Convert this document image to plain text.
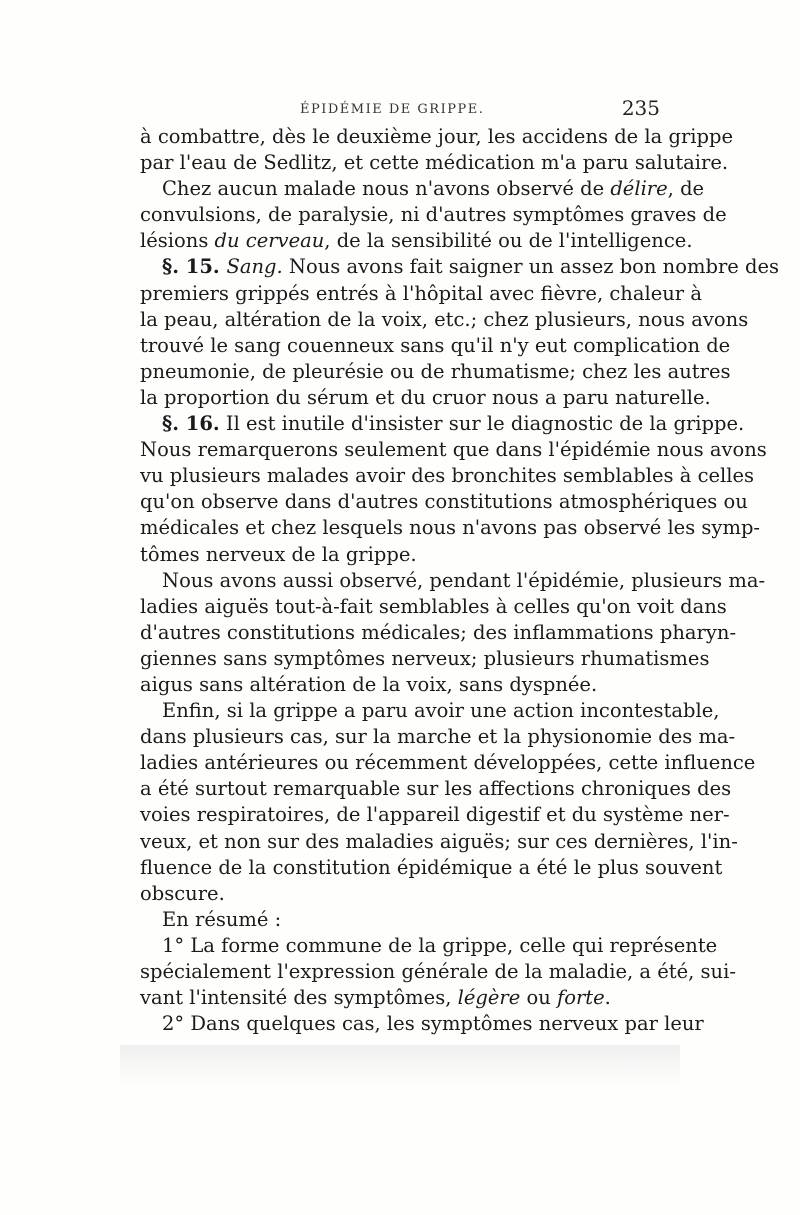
ÉPIDÉMIE DE GRIPPE.	235
à combattre, dès le deuxième jour, les accidens de la grippe
par l'eau de Sedlitz, et cette médication m'a paru salutaire.
Chez aucun malade nous n'avons observé de délire, de
convulsions, de paralysie, ni d'autres symptômes graves de
lésions du cerveau, de la sensibilité ou de l'intelligence.
§. 15. Sang. Nous avons fait saigner un assez bon nombre des
premiers grippés entrés à l'hôpital avec fièvre, chaleur à
la peau, altération de la voix, etc.; chez plusieurs, nous avons
trouvé le sang couenneux sans qu'il n'y eut complication de
pneumonie, de pleurésie ou de rhumatisme; chez les autres
la proportion du sérum et du cruor nous a paru naturelle.
§. 16. Il est inutile d'insister sur le diagnostic de la grippe.
Nous remarquerons seulement que dans l'épidémie nous avons
vu plusieurs malades avoir des bronchites semblables à celles
qu'on observe dans d'autres constitutions atmosphériques ou
médicales et chez lesquels nous n'avons pas observé les symp-
tômes nerveux de la grippe.
Nous avons aussi observé, pendant l'épidémie, plusieurs ma-
ladies aiguës tout-à-fait semblables à celles qu'on voit dans
d'autres constitutions médicales; des inflammations pharyn-
giennes sans symptômes nerveux; plusieurs rhumatismes
aigus sans altération de la voix, sans dyspnée.
Enfin, si la grippe a paru avoir une action incontestable,
dans plusieurs cas, sur la marche et la physionomie des ma-
ladies antérieures ou récemment développées, cette influence
a été surtout remarquable sur les affections chroniques des
voies respiratoires, de l'appareil digestif et du système ner-
veux, et non sur des maladies aiguës; sur ces dernières, l'in-
fluence de la constitution épidémique a été le plus souvent
obscure.
En résumé :
1° La forme commune de la grippe, celle qui représente
spécialement l'expression générale de la maladie, a été, sui-
vant l'intensité des symptômes, légère ou forte.
2° Dans quelques cas, les symptômes nerveux par leur
